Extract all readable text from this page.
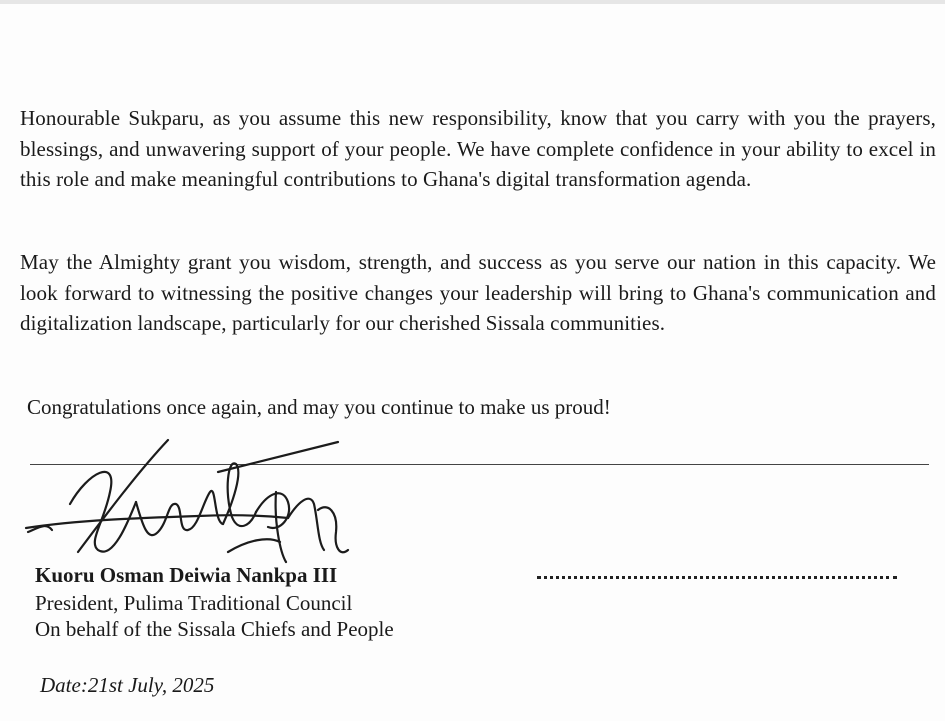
Honourable Sukparu, as you assume this new responsibility, know that you carry with you the prayers, blessings, and unwavering support of your people. We have complete confidence in your ability to excel in this role and make meaningful contributions to Ghana's digital transformation agenda.

May the Almighty grant you wisdom, strength, and success as you serve our nation in this capacity. We look forward to witnessing the positive changes your leadership will bring to Ghana's communication and digitalization landscape, particularly for our cherished Sissala communities.

Congratulations once again, and may you continue to make us proud!

Kuoru Osman Deiwia Nankpa III

President, Pulima Traditional Council

On behalf of the Sissala Chiefs and People

Date:21st July, 2025
